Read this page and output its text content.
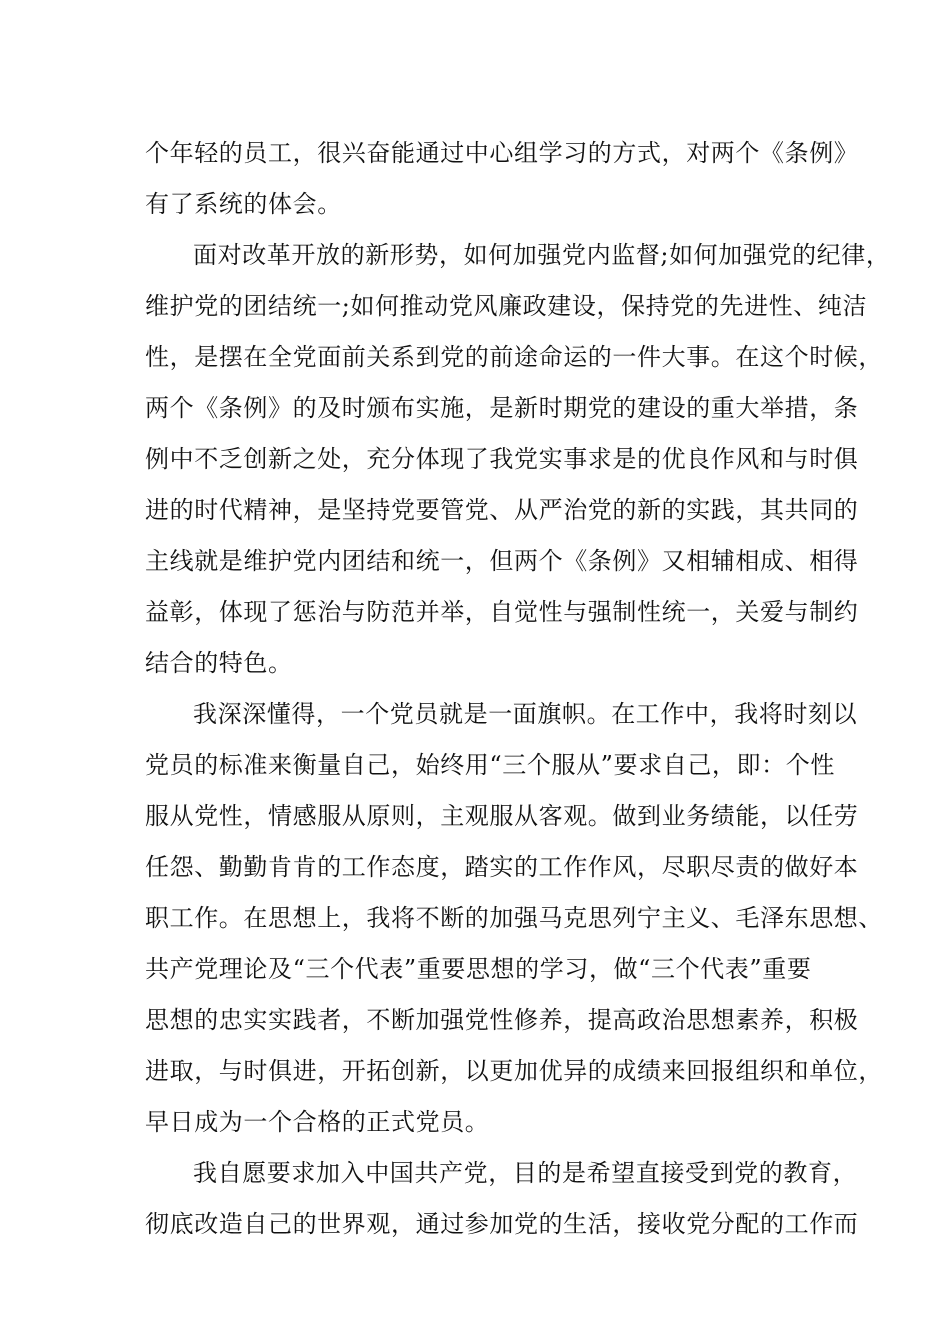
个年轻的员工，很兴奋能通过中心组学习的方式，对两个《条例》
有了系统的体会。
面对改革开放的新形势，如何加强党内监督;如何加强党的纪律，
维护党的团结统一;如何推动党风廉政建设，保持党的先进性、纯洁
性，是摆在全党面前关系到党的前途命运的一件大事。在这个时候，
两个《条例》的及时颁布实施，是新时期党的建设的重大举措，条
例中不乏创新之处，充分体现了我党实事求是的优良作风和与时俱
进的时代精神，是坚持党要管党、从严治党的新的实践，其共同的
主线就是维护党内团结和统一，但两个《条例》又相辅相成、相得
益彰，体现了惩治与防范并举，自觉性与强制性统一，关爱与制约
结合的特色。
我深深懂得，一个党员就是一面旗帜。在工作中，我将时刻以
党员的标准来衡量自己，始终用“三个服从”要求自己，即：个性
服从党性，情感服从原则，主观服从客观。做到业务绩能，以任劳
任怨、勤勤肯肯的工作态度，踏实的工作作风，尽职尽责的做好本
职工作。在思想上，我将不断的加强马克思列宁主义、毛泽东思想、
共产党理论及“三个代表”重要思想的学习，做“三个代表”重要
思想的忠实实践者，不断加强党性修养，提高政治思想素养，积极
进取，与时俱进，开拓创新，以更加优异的成绩来回报组织和单位，
早日成为一个合格的正式党员。
我自愿要求加入中国共产党，目的是希望直接受到党的教育，
彻底改造自己的世界观，通过参加党的生活，接收党分配的工作而
